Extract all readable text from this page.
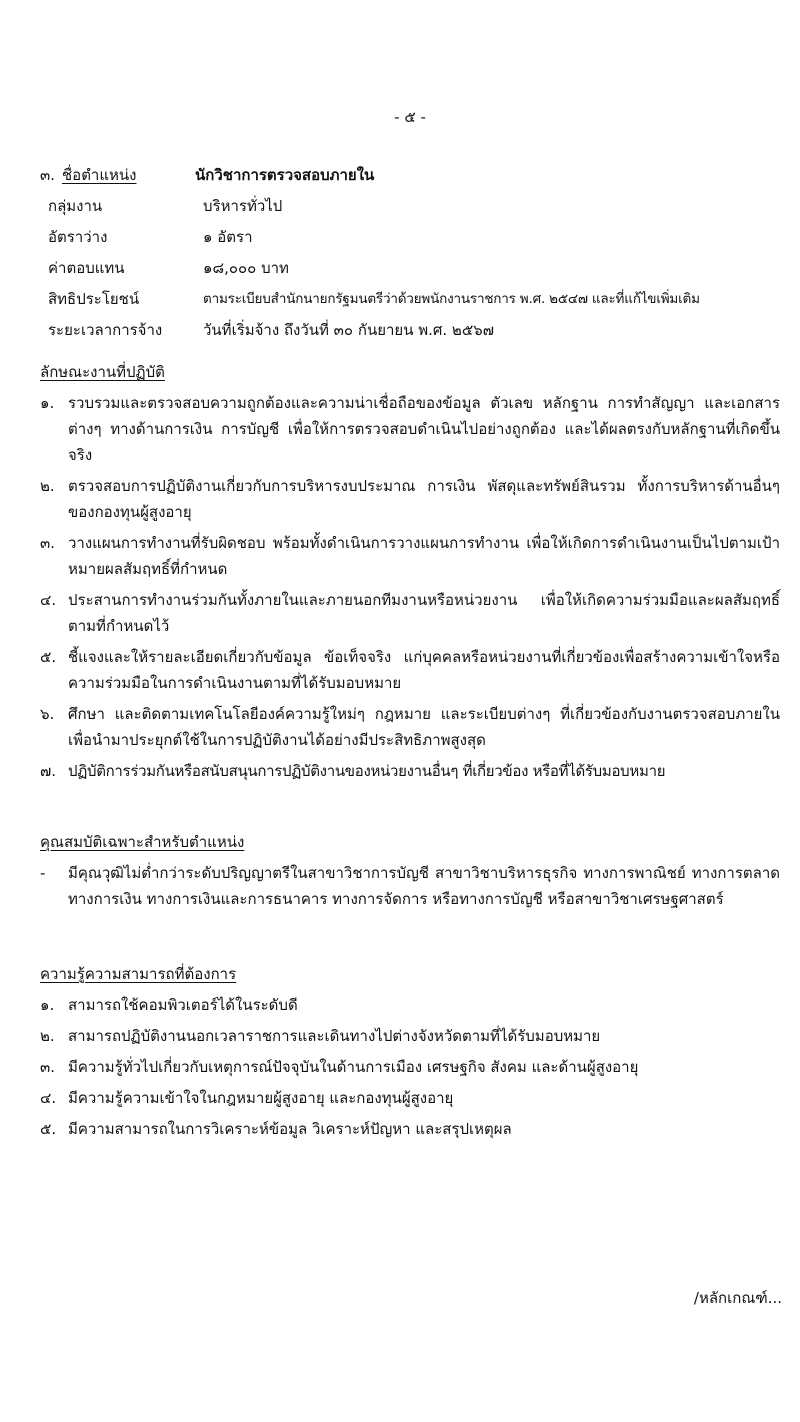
- ๕ -
๓. ชื่อตำแหน่ง	นักวิชาการตรวจสอบภายใน
กลุ่มงาน	บริหารทั่วไป
อัตราว่าง	๑ อัตรา
ค่าตอบแทน	๑๘,๐๐๐ บาท
สิทธิประโยชน์	ตามระเบียบสำนักนายกรัฐมนตรีว่าด้วยพนักงานราชการ พ.ศ. ๒๕๔๗ และที่แก้ไขเพิ่มเติม
ระยะเวลาการจ้าง	วันที่เริ่มจ้าง ถึงวันที่ ๓๐ กันยายน พ.ศ. ๒๕๖๗
ลักษณะงานที่ปฏิบัติ
๑. รวบรวมและตรวจสอบความถูกต้องและความน่าเชื่อถือของข้อมูล ตัวเลข หลักฐาน การทำสัญญา และเอกสารต่างๆ ทางด้านการเงิน การบัญชี เพื่อให้การตรวจสอบดำเนินไปอย่างถูกต้อง และได้ผลตรงกับหลักฐานที่เกิดขึ้นจริง
๒. ตรวจสอบการปฏิบัติงานเกี่ยวกับการบริหารงบประมาณ การเงิน พัสดุและทรัพย์สินรวม ทั้งการบริหารด้านอื่นๆ ของกองทุนผู้สูงอายุ
๓. วางแผนการทำงานที่รับผิดชอบ พร้อมทั้งดำเนินการวางแผนการทำงาน เพื่อให้เกิดการดำเนินงานเป็นไปตามเป้าหมายผลสัมฤทธิ์ที่กำหนด
๔. ประสานการทำงานร่วมกันทั้งภายในและภายนอกทีมงานหรือหน่วยงาน เพื่อให้เกิดความร่วมมือและผลสัมฤทธิ์ตามที่กำหนดไว้
๕. ชี้แจงและให้รายละเอียดเกี่ยวกับข้อมูล ข้อเท็จจริง แก่บุคคลหรือหน่วยงานที่เกี่ยวข้องเพื่อสร้างความเข้าใจหรือความร่วมมือในการดำเนินงานตามที่ได้รับมอบหมาย
๖. ศึกษา และติดตามเทคโนโลยีองค์ความรู้ใหม่ๆ กฎหมาย และระเบียบต่างๆ ที่เกี่ยวข้องกับงานตรวจสอบภายใน เพื่อนำมาประยุกต์ใช้ในการปฏิบัติงานได้อย่างมีประสิทธิภาพสูงสุด
๗. ปฏิบัติการร่วมกันหรือสนับสนุนการปฏิบัติงานของหน่วยงานอื่นๆ ที่เกี่ยวข้อง หรือที่ได้รับมอบหมาย
คุณสมบัติเฉพาะสำหรับตำแหน่ง
-	มีคุณวุฒิไม่ต่ำกว่าระดับปริญญาตรีในสาขาวิชาการบัญชี สาขาวิชาบริหารธุรกิจ ทางการพาณิชย์ ทางการตลาด ทางการเงิน ทางการเงินและการธนาคาร ทางการจัดการ หรือทางการบัญชี หรือสาขาวิชาเศรษฐศาสตร์
ความรู้ความสามารถที่ต้องการ
๑. สามารถใช้คอมพิวเตอร์ได้ในระดับดี
๒. สามารถปฏิบัติงานนอกเวลาราชการและเดินทางไปต่างจังหวัดตามที่ได้รับมอบหมาย
๓. มีความรู้ทั่วไปเกี่ยวกับเหตุการณ์ปัจจุบันในด้านการเมือง เศรษฐกิจ สังคม และด้านผู้สูงอายุ
๔. มีความรู้ความเข้าใจในกฎหมายผู้สูงอายุ และกองทุนผู้สูงอายุ
๕. มีความสามารถในการวิเคราะห์ข้อมูล วิเคราะห์ปัญหา และสรุปเหตุผล
/หลักเกณฑ์...
